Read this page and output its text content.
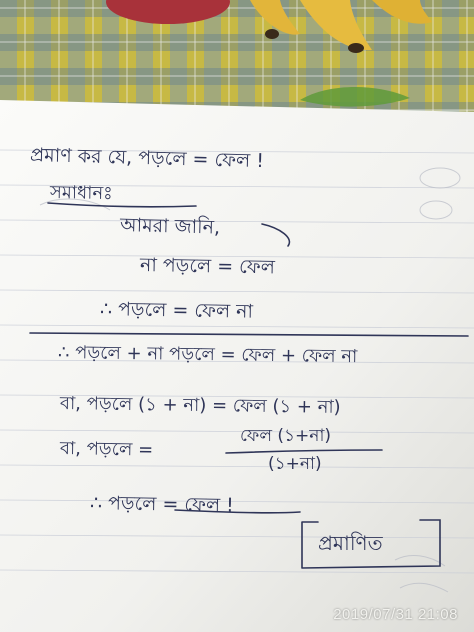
প্রমাণ কর যে, পড়লে = ফেল !
সমাধানঃ
আমরা জানি,
না পড়লে = ফেল
∴ পড়লে = ফেল না
∴ পড়লে + না পড়লে = ফেল + ফেল না
বা, পড়লে (১ + না) = ফেল (১ + না)
বা, পড়লে =
ফেল (১+না)
(১+না)
∴ পড়লে = ফেল !
প্রমাণিত
2019/07/31 21:08
